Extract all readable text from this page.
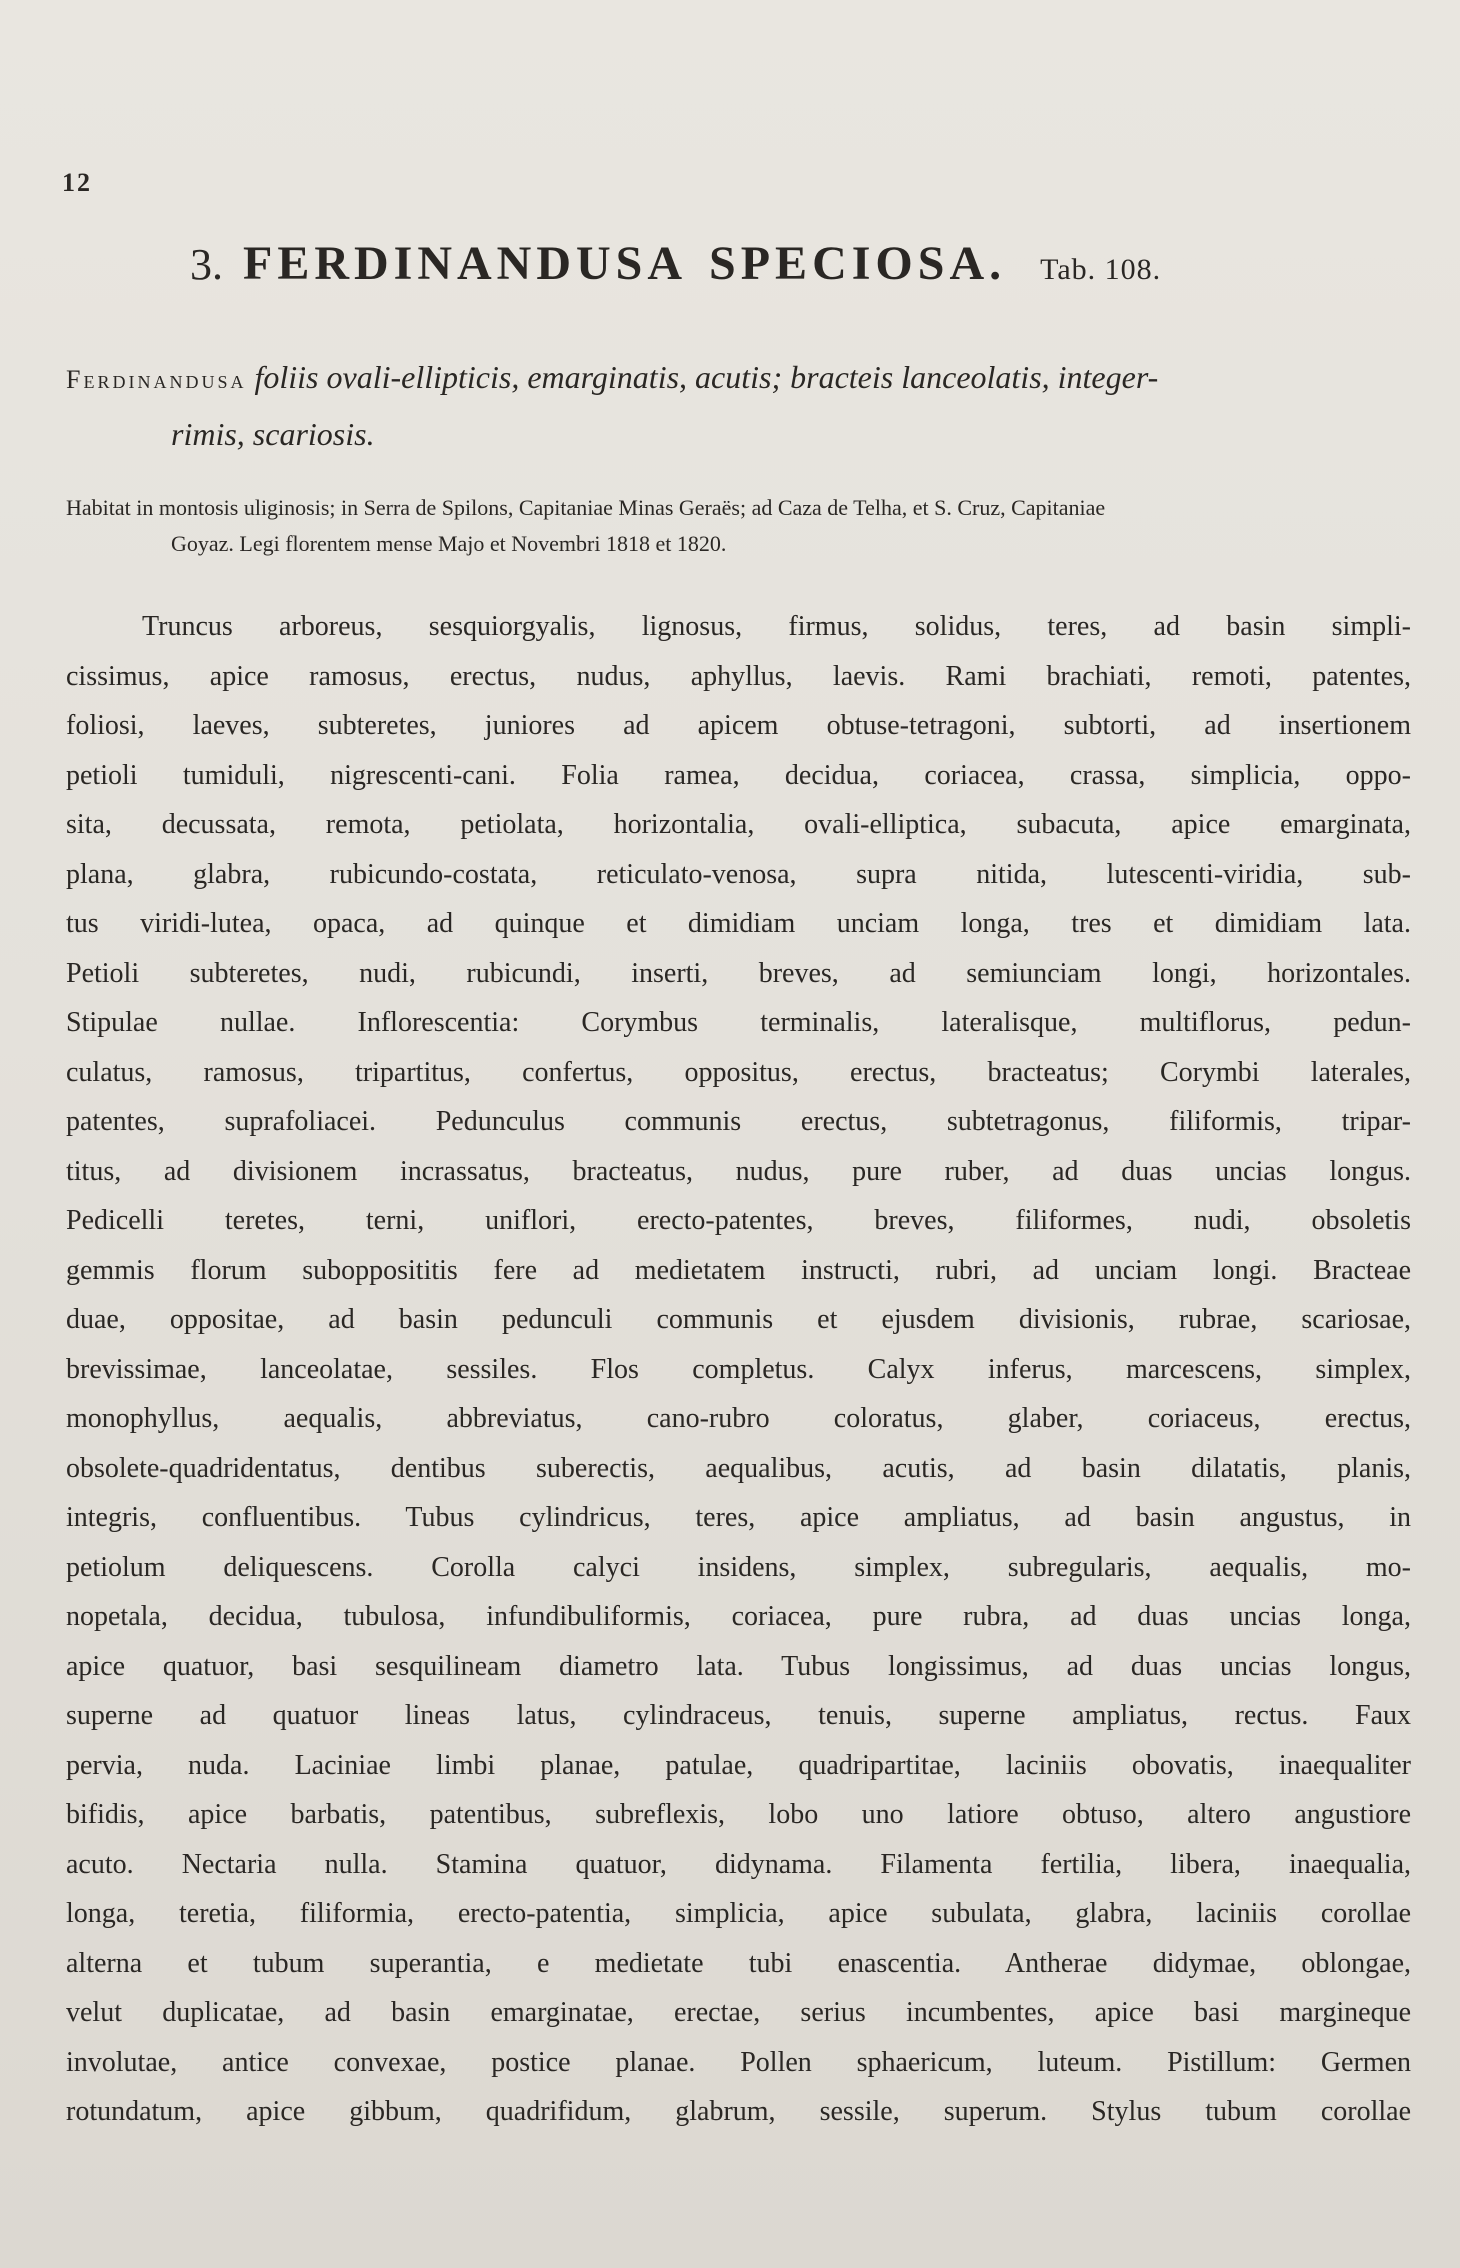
12
3. FERDINANDUSA SPECIOSA. Tab. 108.
Ferdinandusa foliis ovali-ellipticis, emarginatis, acutis; bracteis lanceolatis, integer-
rimis, scariosis.
Habitat in montosis uliginosis; in Serra de Spilons, Capitaniae Minas Geraës; ad Caza de Telha, et S. Cruz, Capitaniae
Goyaz. Legi florentem mense Majo et Novembri 1818 et 1820.
Truncus arboreus, sesquiorgyalis, lignosus, firmus, solidus, teres, ad basin simpli-
cissimus, apice ramosus, erectus, nudus, aphyllus, laevis. Rami brachiati, remoti, patentes,
foliosi, laeves, subteretes, juniores ad apicem obtuse-tetragoni, subtorti, ad insertionem
petioli tumiduli, nigrescenti-cani. Folia ramea, decidua, coriacea, crassa, simplicia, oppo-
sita, decussata, remota, petiolata, horizontalia, ovali-elliptica, subacuta, apice emarginata,
plana, glabra, rubicundo-costata, reticulato-venosa, supra nitida, lutescenti-viridia, sub-
tus viridi-lutea, opaca, ad quinque et dimidiam unciam longa, tres et dimidiam lata.
Petioli subteretes, nudi, rubicundi, inserti, breves, ad semiunciam longi, horizontales.
Stipulae nullae. Inflorescentia: Corymbus terminalis, lateralisque, multiflorus, pedun-
culatus, ramosus, tripartitus, confertus, oppositus, erectus, bracteatus; Corymbi laterales,
patentes, suprafoliacei. Pedunculus communis erectus, subtetragonus, filiformis, tripar-
titus, ad divisionem incrassatus, bracteatus, nudus, pure ruber, ad duas uncias longus.
Pedicelli teretes, terni, uniflori, erecto-patentes, breves, filiformes, nudi, obsoletis
gemmis florum subopposititis fere ad medietatem instructi, rubri, ad unciam longi. Bracteae
duae, oppositae, ad basin pedunculi communis et ejusdem divisionis, rubrae, scariosae,
brevissimae, lanceolatae, sessiles. Flos completus. Calyx inferus, marcescens, simplex,
monophyllus, aequalis, abbreviatus, cano-rubro coloratus, glaber, coriaceus, erectus,
obsolete-quadridentatus, dentibus suberectis, aequalibus, acutis, ad basin dilatatis, planis,
integris, confluentibus. Tubus cylindricus, teres, apice ampliatus, ad basin angustus, in
petiolum deliquescens. Corolla calyci insidens, simplex, subregularis, aequalis, mo-
nopetala, decidua, tubulosa, infundibuliformis, coriacea, pure rubra, ad duas uncias longa,
apice quatuor, basi sesquilineam diametro lata. Tubus longissimus, ad duas uncias longus,
superne ad quatuor lineas latus, cylindraceus, tenuis, superne ampliatus, rectus. Faux
pervia, nuda. Laciniae limbi planae, patulae, quadripartitae, laciniis obovatis, inaequaliter
bifidis, apice barbatis, patentibus, subreflexis, lobo uno latiore obtuso, altero angustiore
acuto. Nectaria nulla. Stamina quatuor, didynama. Filamenta fertilia, libera, inaequalia,
longa, teretia, filiformia, erecto-patentia, simplicia, apice subulata, glabra, laciniis corollae
alterna et tubum superantia, e medietate tubi enascentia. Antherae didymae, oblongae,
velut duplicatae, ad basin emarginatae, erectae, serius incumbentes, apice basi margineque
involutae, antice convexae, postice planae. Pollen sphaericum, luteum. Pistillum: Germen
rotundatum, apice gibbum, quadrifidum, glabrum, sessile, superum. Stylus tubum corollae
